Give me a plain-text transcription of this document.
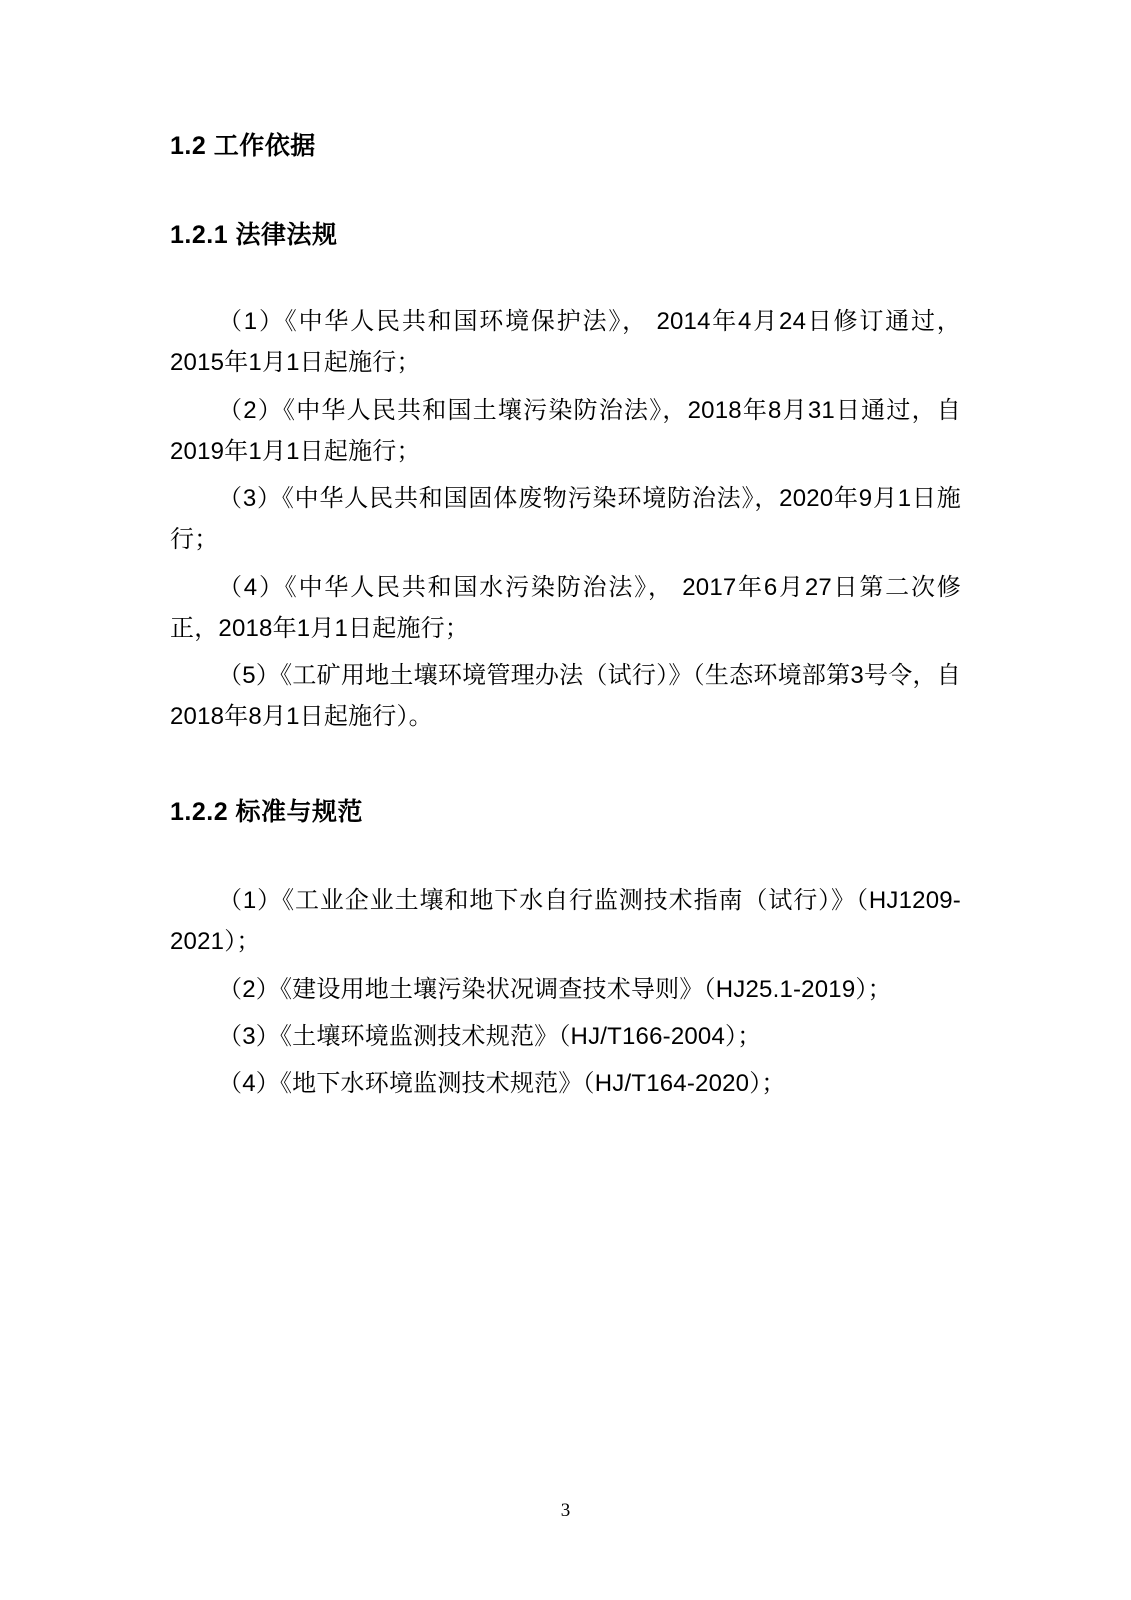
1.2 工作依据
1.2.1 法律法规

（1）《中华人民共和国环境保护法》， 2014年4月24日修订通过，2015年1月1日起施行；

（2）《中华人民共和国土壤污染防治法》，2018年8月31日通过，自 2019年1月1日起施行；

（3）《中华人民共和国固体废物污染环境防治法》，2020年9月1日施行；

（4）《中华人民共和国水污染防治法》， 2017年6月27日第二次修正，2018年1月1日起施行；

（5）《工矿用地土壤环境管理办法（试行）》（生态环境部第3号令，自2018年8月1日起施行）。

1.2.2 标准与规范

（1）《工业企业土壤和地下水自行监测技术指南（试行）》（HJ1209- 2021）；

（2）《建设用地土壤污染状况调查技术导则》（HJ25.1-2019）；

（3）《土壤环境监测技术规范》（HJ/T166-2004）；

（4）《地下水环境监测技术规范》（HJ/T164-2020）；

3
